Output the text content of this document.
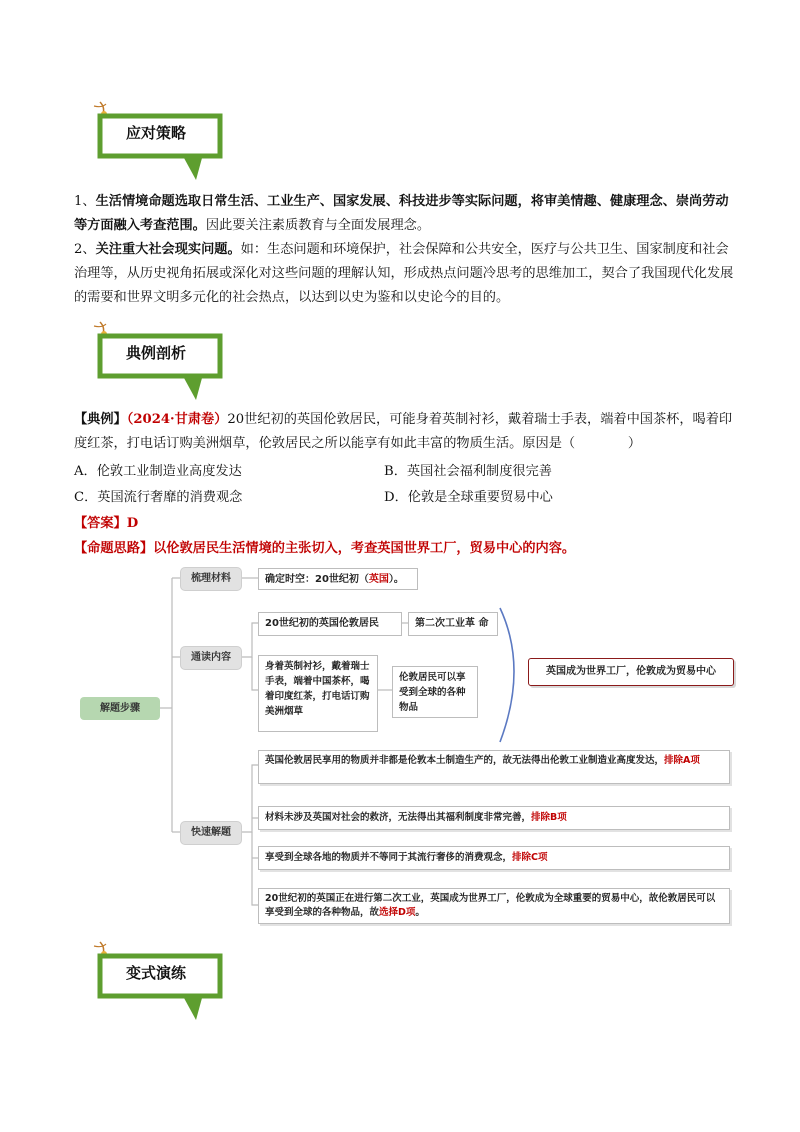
应对策略
1、生活情境命题选取日常生活、工业生产、国家发展、科技进步等实际问题，将审美情趣、健康理念、崇尚劳动等方面融入考查范围。因此要关注素质教育与全面发展理念。
2、关注重大社会现实问题。如：生态问题和环境保护，社会保障和公共安全，医疗与公共卫生、国家制度和社会治理等，从历史视角拓展或深化对这些问题的理解认知，形成热点问题冷思考的思维加工，契合了我国现代化发展的需要和世界文明多元化的社会热点，以达到以史为鉴和以史论今的目的。
典例剖析
【典例】（2024·甘肃卷）20世纪初的英国伦敦居民，可能身着英制衬衫，戴着瑞士手表，端着中国茶杯，喝着印度红茶，打电话订购美洲烟草，伦敦居民之所以能享有如此丰富的物质生活。原因是（　　　　）
A．伦敦工业制造业高度发达	B．英国社会福利制度很完善
C．英国流行奢靡的消费观念	D．伦敦是全球重要贸易中心
【答案】D
【命题思路】以伦敦居民生活情境的主张切入，考查英国世界工厂，贸易中心的内容。
解题步骤
梳理材料	确定时空：20世纪初（英国）。
通读内容
20世纪初的英国伦敦居民	第二次工业革 命
身着英制衬衫，戴着瑞士手表，端着中国茶杯，喝着印度红茶，打电话订购美洲烟草
伦敦居民可以享受到全球的各种物品
英国成为世界工厂，伦敦成为贸易中心
快速解题
英国伦敦居民享用的物质并非都是伦敦本土制造生产的，故无法得出伦敦工业制造业高度发达，排除A项
材料未涉及英国对社会的救济，无法得出其福利制度非常完善，排除B项
享受到全球各地的物质并不等同于其流行奢侈的消费观念，排除C项
20世纪初的英国正在进行第二次工业，英国成为世界工厂，伦敦成为全球重要的贸易中心，故伦敦居民可以享受到全球的各种物品，故选择D项。
变式演练
